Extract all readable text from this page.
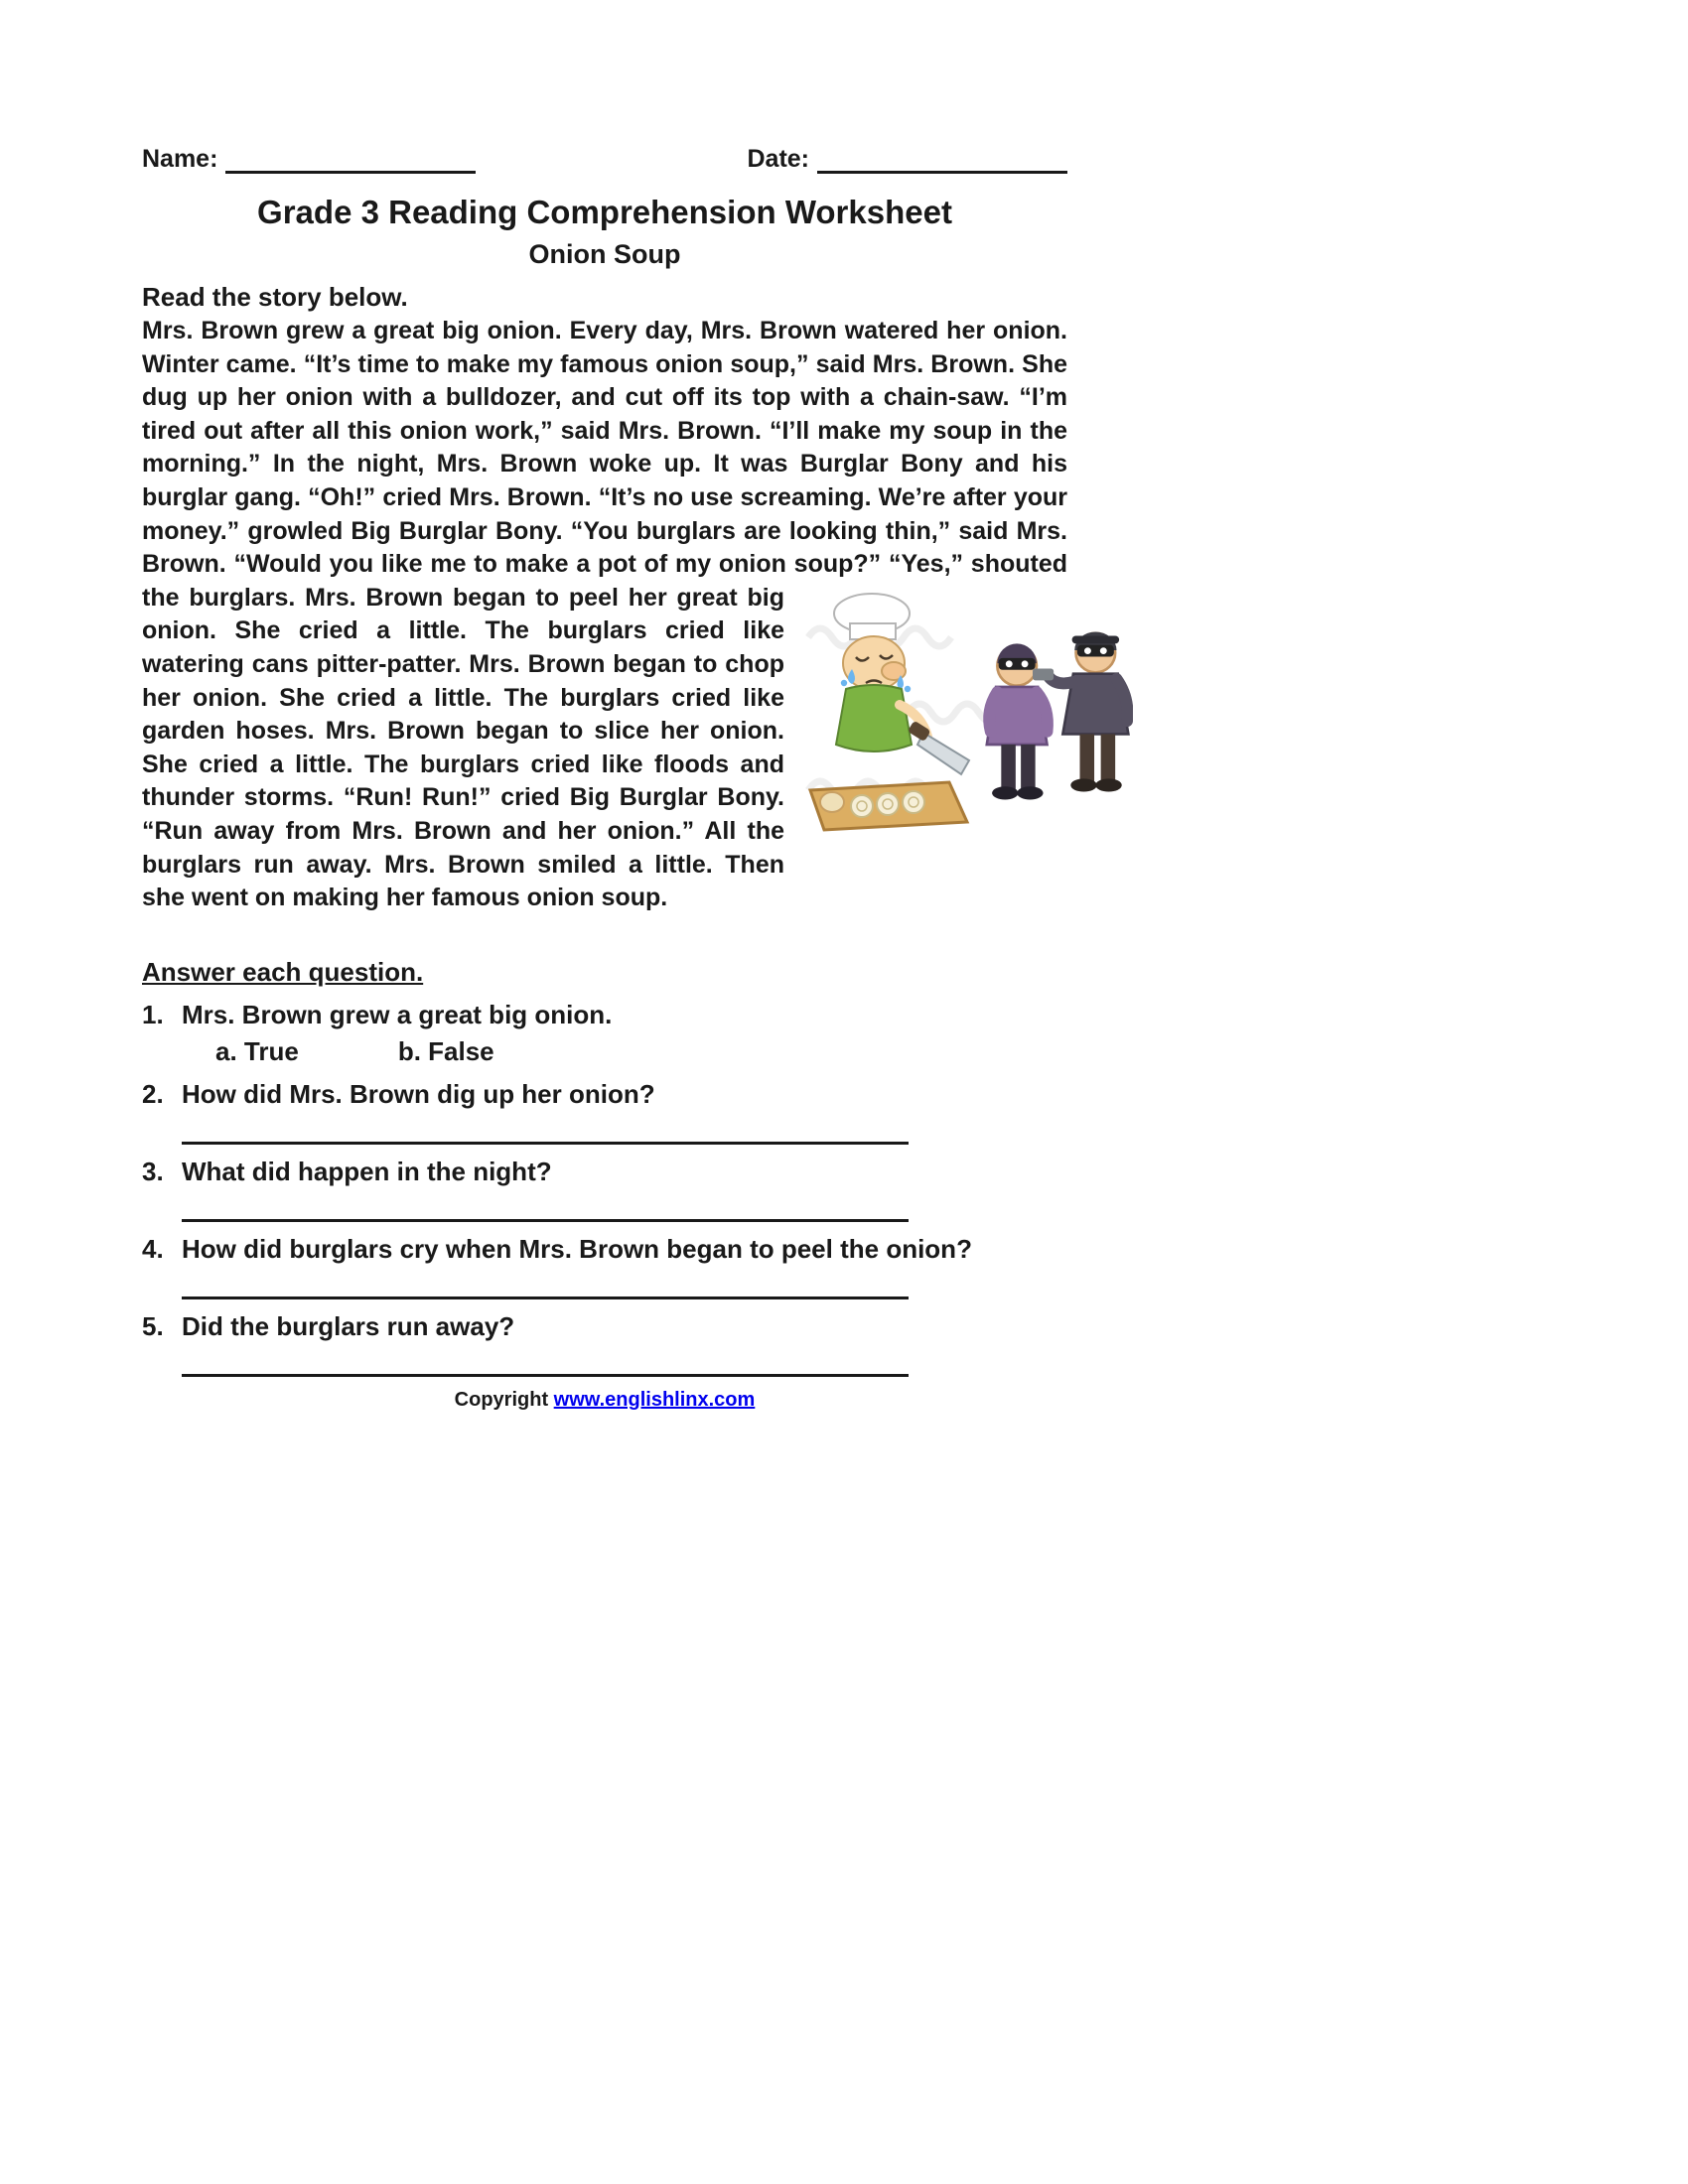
Name:	Date:
Grade 3 Reading Comprehension Worksheet
Onion Soup
Read the story below.
Mrs. Brown grew a great big onion. Every day, Mrs. Brown watered her onion. Winter came. “It’s time to make my famous onion soup,” said Mrs. Brown. She dug up her onion with a bulldozer, and cut off its top with a chain-saw. “I’m tired out after all this onion work,” said Mrs. Brown. “I’ll make my soup in the morning.” In the night, Mrs. Brown woke up. It was Burglar Bony and his burglar gang. “Oh!” cried Mrs. Brown. “It’s no use screaming. We’re after your money.” growled Big Burglar Bony. “You burglars are looking thin,” said Mrs. Brown. “Would you like me to make a pot of my onion soup?” “Yes,” shouted the burglars. Mrs. Brown began to peel her great big onion. She cried a little. The burglars cried like watering cans pitter-patter. Mrs. Brown began to chop her onion. She cried a little. The burglars cried like garden hoses. Mrs. Brown began to slice her onion. She cried a little. The burglars cried like floods and thunder storms. “Run! Run!” cried Big Burglar Bony. “Run away from Mrs. Brown and her onion.” All the burglars run away. Mrs. Brown smiled a little. Then she went on making her famous onion soup.
Answer each question.
1. Mrs. Brown grew a great big onion.
a. True	b. False
2. How did Mrs. Brown dig up her onion?
3. What did happen in the night?
4. How did burglars cry when Mrs. Brown began to peel the onion?
5. Did the burglars run away?
Copyright www.englishlinx.com
